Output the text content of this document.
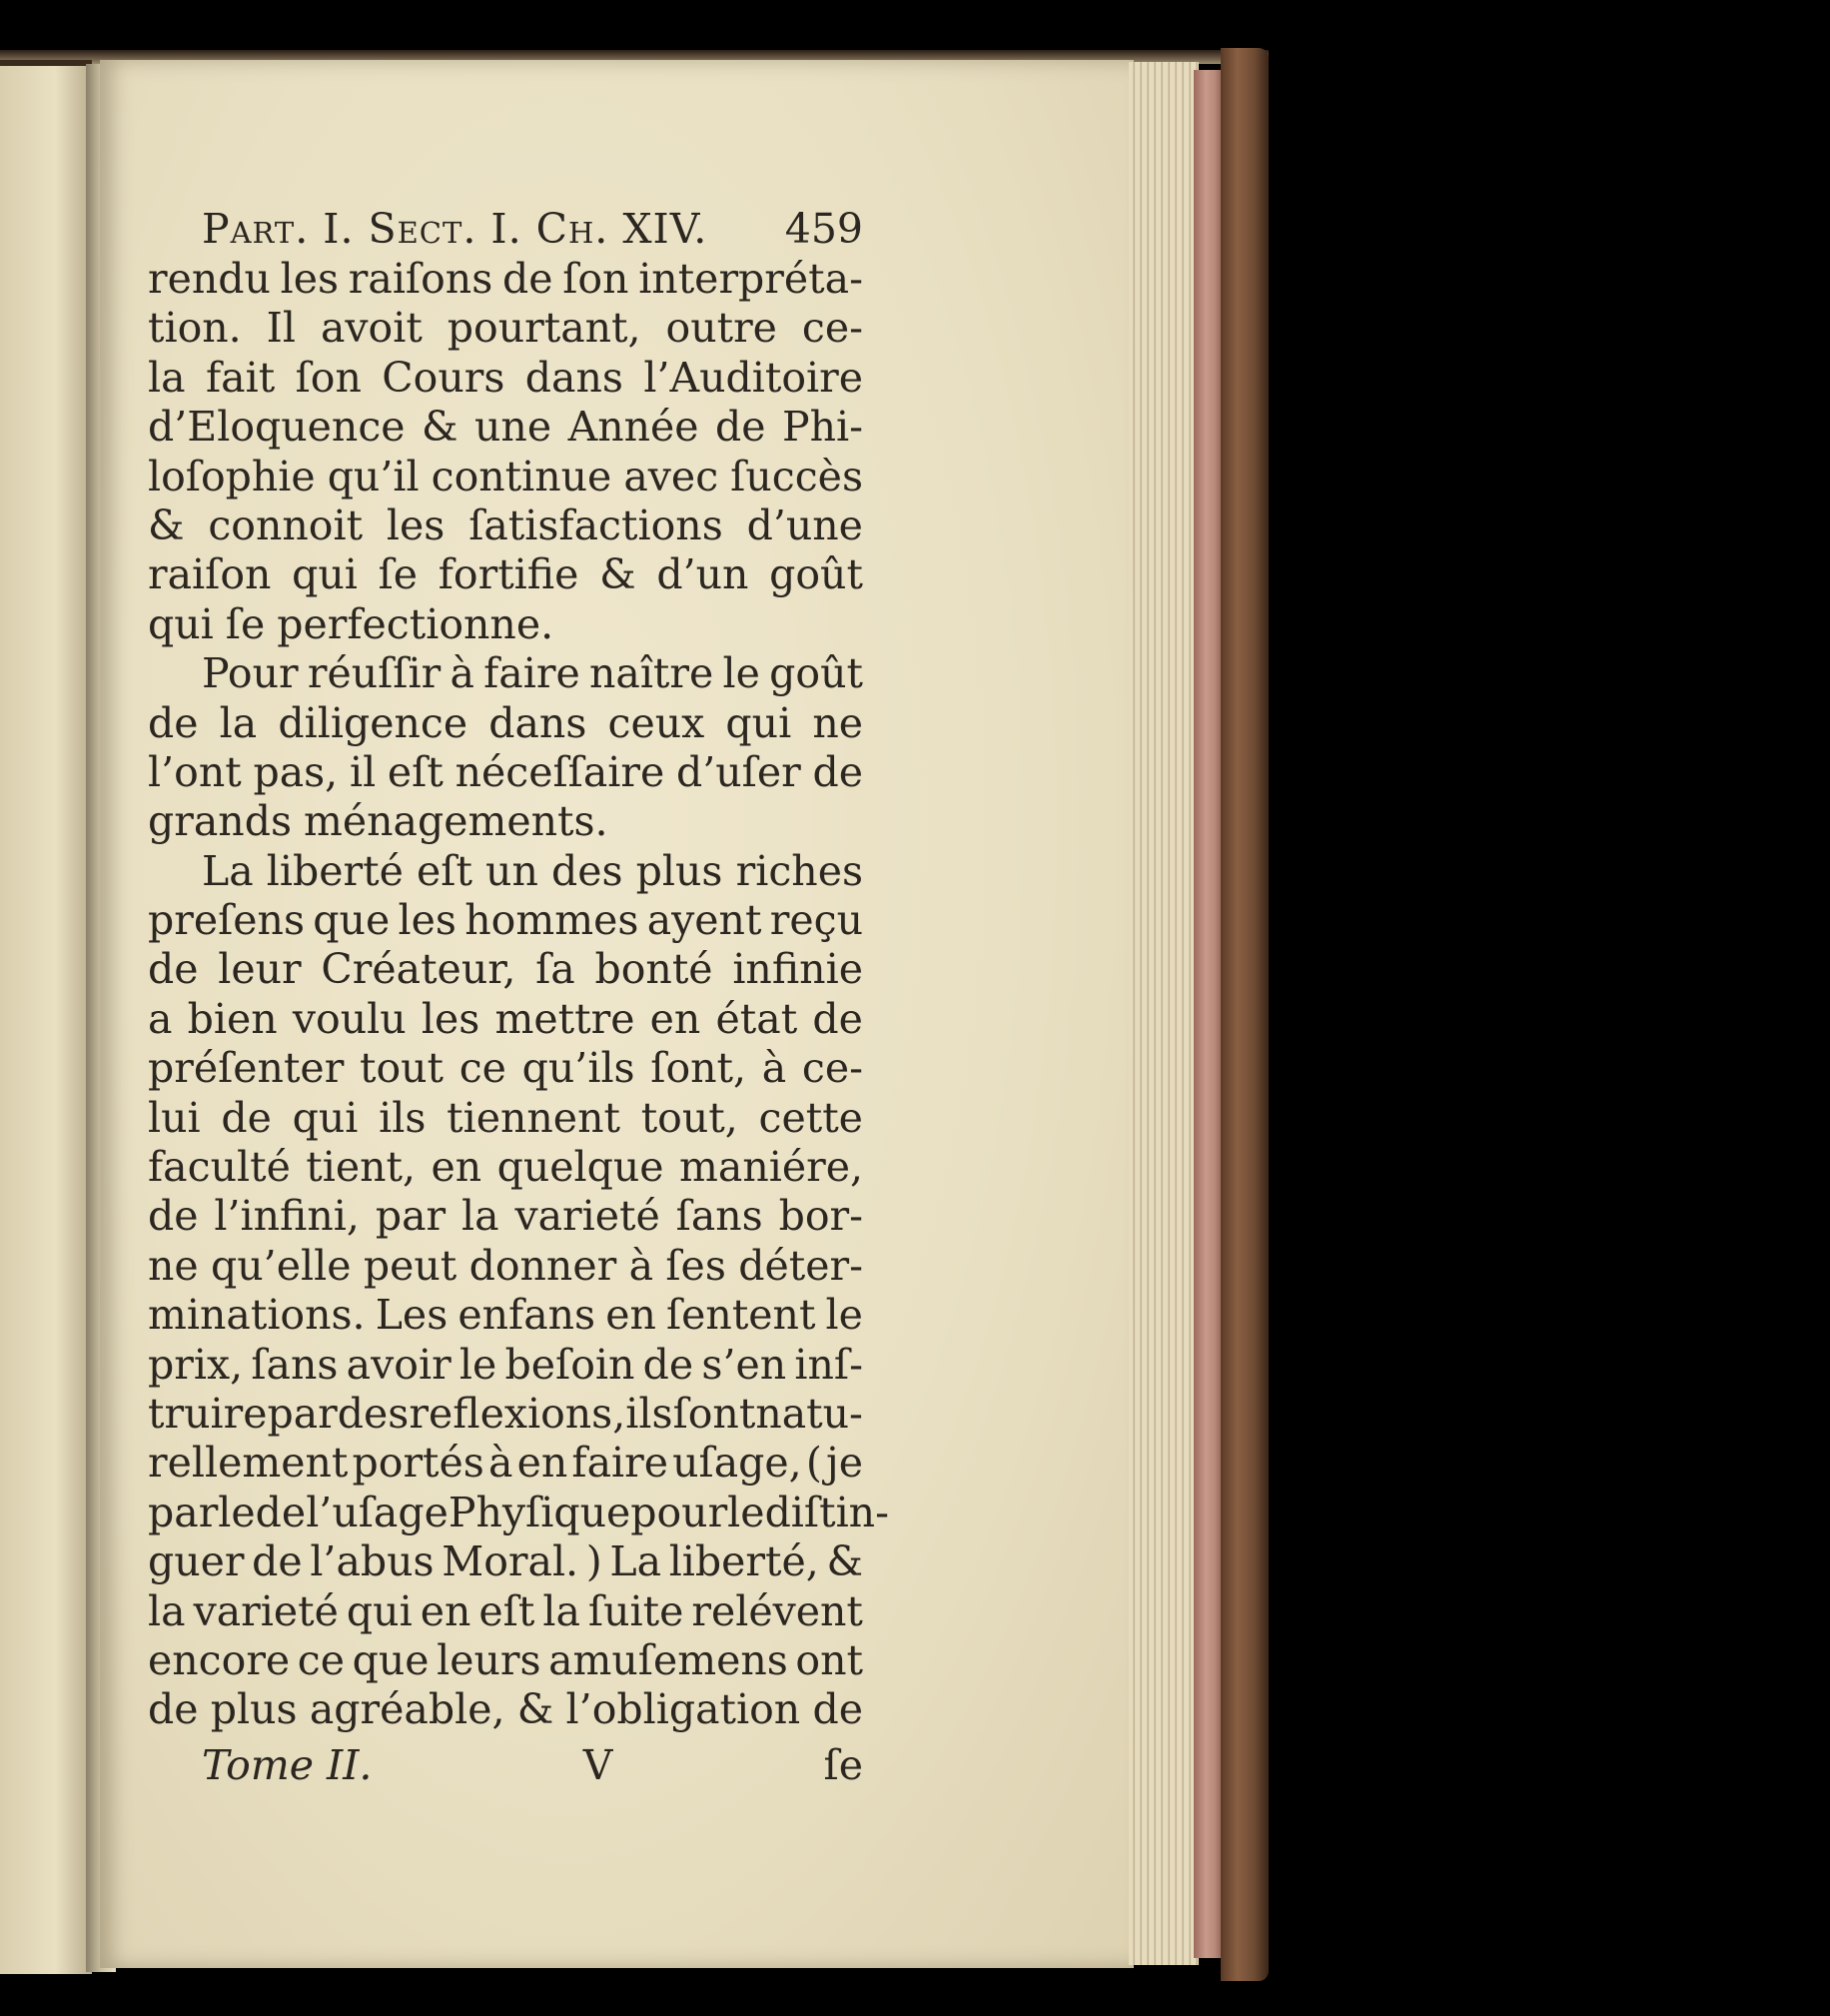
Part. I. Sect. I. Ch. XIV. 459
rendu les raiſons de ſon interpréta-
tion. Il avoit pourtant, outre ce-
la fait ſon Cours dans l’Auditoire
d’Eloquence & une Année de Phi-
loſophie qu’il continue avec ſuccès
& connoit les ſatisfactions d’une
raiſon qui ſe fortifie & d’un goût
qui ſe perfectionne.
Pour réuſſir à faire naître le goût
de la diligence dans ceux qui ne
l’ont pas, il eſt néceſſaire d’uſer de
grands ménagements.
La liberté eſt un des plus riches
preſens que les hommes ayent reçu
de leur Créateur, ſa bonté infinie
a bien voulu les mettre en état de
préſenter tout ce qu’ils ſont, à ce-
lui de qui ils tiennent tout, cette
faculté tient, en quelque maniére,
de l’infini, par la varieté ſans bor-
ne qu’elle peut donner à ſes déter-
minations. Les enfans en ſentent le
prix, ſans avoir le beſoin de s’en inſ-
truire par des reflexions, ils ſont natu-
rellement portés à en faire uſage, ( je
parle de l’uſage Phyſiquepour le diſtin-
guer de l’abus Moral. ) La liberté, &
la varieté qui en eſt la ſuite relévent
encore ce que leurs amuſemens ont
de plus agréable, & l’obligation de
Tome II.	V	ſe
